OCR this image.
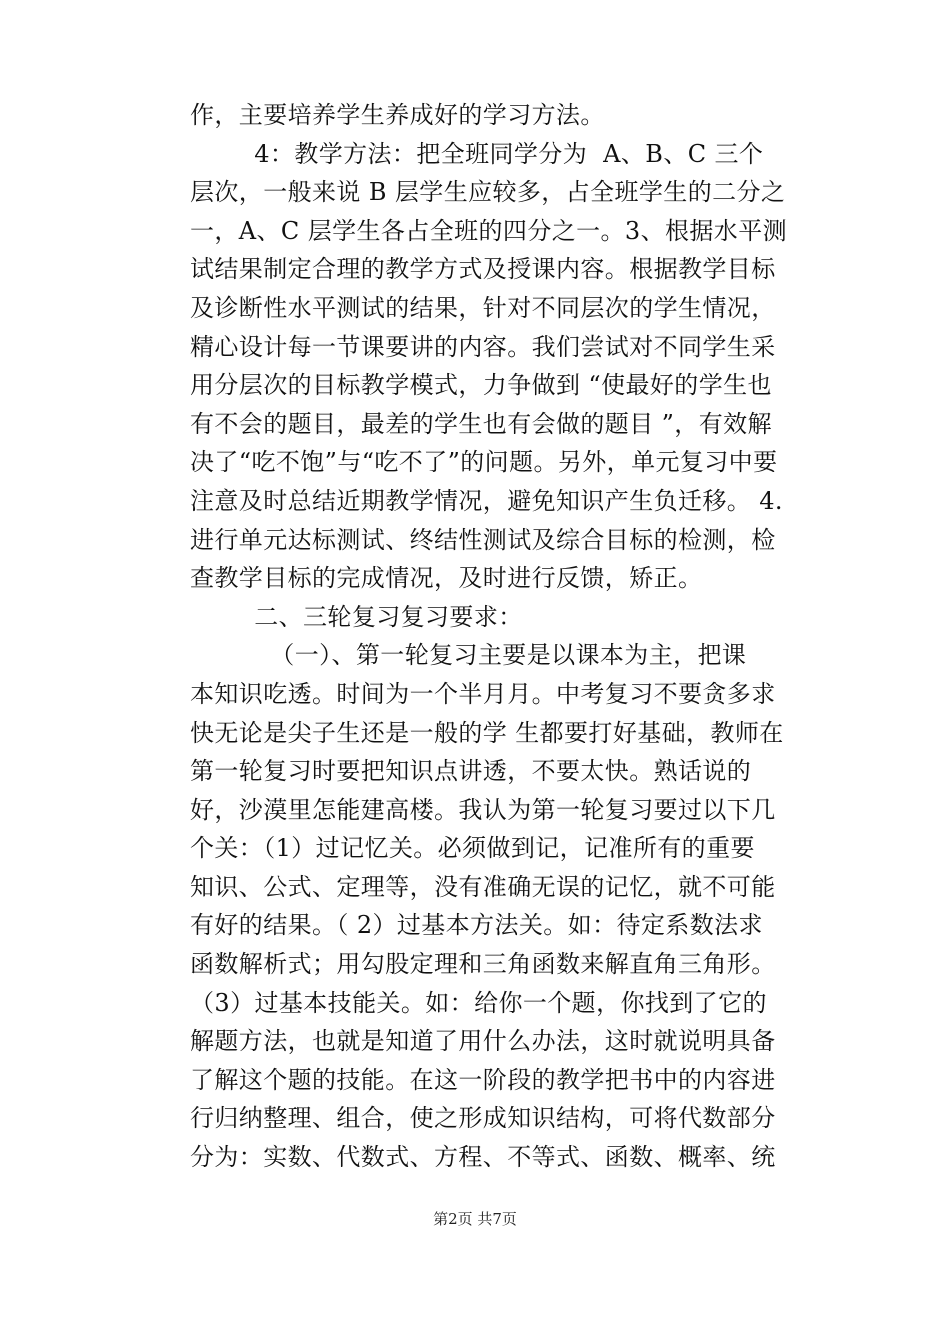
作，主要培养学生养成好的学习方法。
4：教学方法：把全班同学分为  A、B、C 三个
层次，一般来说 B 层学生应较多，占全班学生的二分之
一，A、C 层学生各占全班的四分之一。3、根据水平测
试结果制定合理的教学方式及授课内容。根据教学目标
及诊断性水平测试的结果，针对不同层次的学生情况，
精心设计每一节课要讲的内容。我们尝试对不同学生采
用分层次的目标教学模式，力争做到 “使最好的学生也
有不会的题目，最差的学生也有会做的题目 ”，有效解
决了“吃不饱”与“吃不了”的问题。另外，单元复习中要
注意及时总结近期教学情况，避免知识产生负迁移。 4.
进行单元达标测试、终结性测试及综合目标的检测，检
查教学目标的完成情况，及时进行反馈，矫正。
二、三轮复习复习要求：
（一）、第一轮复习主要是以课本为主，把课
本知识吃透。时间为一个半月月。中考复习不要贪多求
快无论是尖子生还是一般的学 生都要打好基础，教师在
第一轮复习时要把知识点讲透，不要太快。熟话说的
好，沙漠里怎能建高楼。我认为第一轮复习要过以下几
个关：（1）过记忆关。必须做到记，记准所有的重要
知识、公式、定理等，没有准确无误的记忆，就不可能
有好的结果。（ 2）过基本方法关。如：待定系数法求
函数解析式；用勾股定理和三角函数来解直角三角形。
（3）过基本技能关。如：给你一个题，你找到了它的
解题方法，也就是知道了用什么办法，这时就说明具备
了解这个题的技能。在这一阶段的教学把书中的内容进
行归纳整理、组合，使之形成知识结构，可将代数部分
分为：实数、代数式、方程、不等式、函数、概率、统
第2页 共7页
